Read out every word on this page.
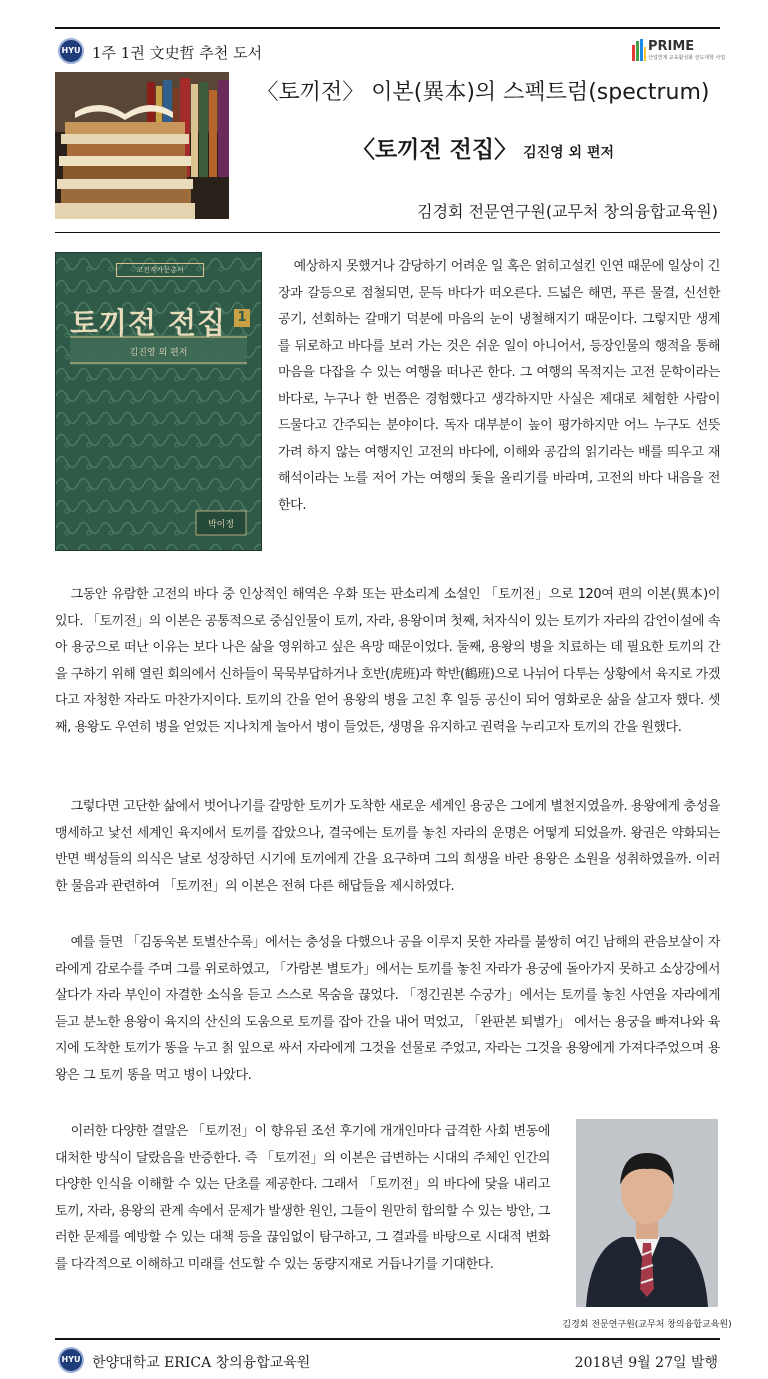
HYU 1주 1권 文史哲 추천 도서	PRIME
산업연계 교육활성화 선도대학 사업
〈토끼전〉 이본(異本)의 스펙트럼(spectrum)
〈토끼전 전집〉 김진영 외 편저
김경회 전문연구원(교무처 창의융합교육원)
고전작가문총서
토끼전 전집 1
김진영 외 편저
박이정

예상하지 못했거나 감당하기 어려운 일 혹은 얽히고설킨 인연 때문에 일상이 긴장과 갈등으로 점철되면, 문득 바다가 떠오른다. 드넓은 해면, 푸른 물결, 신선한 공기, 선회하는 갈매기 덕분에 마음의 눈이 냉철해지기 때문이다. 그렇지만 생계를 뒤로하고 바다를 보러 가는 것은 쉬운 일이 아니어서, 등장인물의 행적을 통해 마음을 다잡을 수 있는 여행을 떠나곤 한다. 그 여행의 목적지는 고전 문학이라는 바다로, 누구나 한 번쯤은 경험했다고 생각하지만 사실은 제대로 체험한 사람이 드물다고 간주되는 분야이다. 독자 대부분이 높이 평가하지만 어느 누구도 선뜻 가려 하지 않는 여행지인 고전의 바다에, 이해와 공감의 읽기라는 배를 띄우고 재해석이라는 노를 저어 가는 여행의 돛을 올리기를 바라며, 고전의 바다 내음을 전한다.

그동안 유람한 고전의 바다 중 인상적인 해역은 우화 또는 판소리계 소설인 「토끼전」으로 120여 편의 이본(異本)이 있다. 「토끼전」의 이본은 공통적으로 중심인물이 토끼, 자라, 용왕이며 첫째, 처자식이 있는 토끼가 자라의 감언이설에 속아 용궁으로 떠난 이유는 보다 나은 삶을 영위하고 싶은 욕망 때문이었다. 둘째, 용왕의 병을 치료하는 데 필요한 토끼의 간을 구하기 위해 열린 회의에서 신하들이 묵묵부답하거나 호반(虎班)과 학반(鶴班)으로 나뉘어 다투는 상황에서 육지로 가겠다고 자청한 자라도 마찬가지이다. 토끼의 간을 얻어 용왕의 병을 고친 후 일등 공신이 되어 영화로운 삶을 살고자 했다. 셋째, 용왕도 우연히 병을 얻었든 지나치게 놀아서 병이 들었든, 생명을 유지하고 권력을 누리고자 토끼의 간을 원했다.

그렇다면 고단한 삶에서 벗어나기를 갈망한 토끼가 도착한 새로운 세계인 용궁은 그에게 별천지였을까. 용왕에게 충성을 맹세하고 낯선 세계인 육지에서 토끼를 잡았으나, 결국에는 토끼를 놓친 자라의 운명은 어떻게 되었을까. 왕권은 약화되는 반면 백성들의 의식은 날로 성장하던 시기에 토끼에게 간을 요구하며 그의 희생을 바란 용왕은 소원을 성취하였을까. 이러한 물음과 관련하여 「토끼전」의 이본은 전혀 다른 해답들을 제시하였다.

예를 들면 「김동욱본 토별산수록」에서는 충성을 다했으나 공을 이루지 못한 자라를 불쌍히 여긴 남해의 관음보살이 자라에게 감로수를 주며 그를 위로하였고, 「가람본 별토가」에서는 토끼를 놓친 자라가 용궁에 돌아가지 못하고 소상강에서 살다가 자라 부인이 자결한 소식을 듣고 스스로 목숨을 끊었다. 「정긴권본 수궁가」에서는 토끼를 놓친 사연을 자라에게 듣고 분노한 용왕이 육지의 산신의 도움으로 토끼를 잡아 간을 내어 먹었고, 「완판본 퇴별가」 에서는 용궁을 빠져나와 육지에 도착한 토끼가 똥을 누고 칡 잎으로 싸서 자라에게 그것을 선물로 주었고, 자라는 그것을 용왕에게 가져다주었으며 용왕은 그 토끼 똥을 먹고 병이 나았다.

이러한 다양한 결말은 「토끼전」이 향유된 조선 후기에 개개인마다 급격한 사회 변동에 대처한 방식이 달랐음을 반증한다. 즉 「토끼전」의 이본은 급변하는 시대의 주체인 인간의 다양한 인식을 이해할 수 있는 단초를 제공한다. 그래서 「토끼전」의 바다에 닻을 내리고 토끼, 자라, 용왕의 관계 속에서 문제가 발생한 원인, 그들이 원만히 합의할 수 있는 방안, 그러한 문제를 예방할 수 있는 대책 등을 끊임없이 탐구하고, 그 결과를 바탕으로 시대적 변화를 다각적으로 이해하고 미래를 선도할 수 있는 동량지재로 거듭나기를 기대한다.

김경회 전문연구원(교무처 창의융합교육원)
HYU 한양대학교 ERICA 창의융합교육원	2018년 9월 27일 발행
